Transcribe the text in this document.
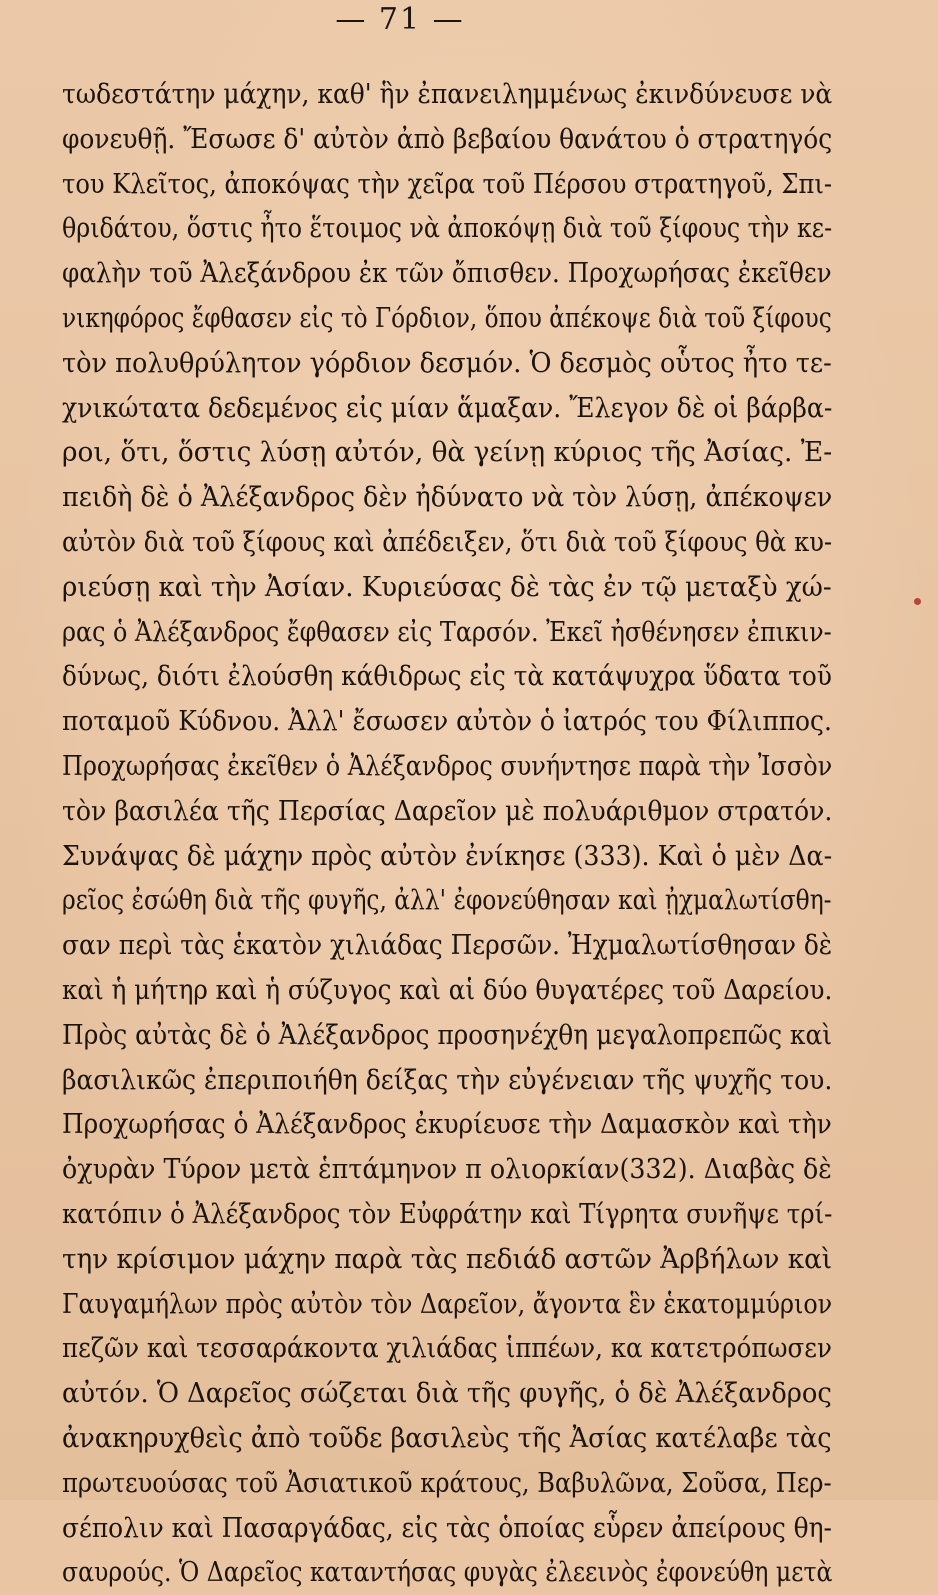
— 71 —
τωδεστάτην μάχην, καθ' ἣν ἐπανειλημμένως ἐκινδύνευσε νὰ
φονευθῇ. Ἔσωσε δ' αὐτὸν ἀπὸ βεβαίου θανάτου ὁ στρατηγός
του Κλεῖτος, ἀποκόψας τὴν χεῖρα τοῦ Πέρσου στρατηγοῦ, Σπι-
θριδάτου, ὅστις ἦτο ἕτοιμος νὰ ἀποκόψῃ διὰ τοῦ ξίφους τὴν κε-
φαλὴν τοῦ Ἀλεξάνδρου ἐκ τῶν ὄπισθεν. Προχωρήσας ἐκεῖθεν
νικηφόρος ἔφθασεν εἰς τὸ Γόρδιον, ὅπου ἀπέκοψε διὰ τοῦ ξίφους
τὸν πολυθρύλητον γόρδιον δεσμόν. Ὁ δεσμὸς οὗτος ἦτο τε-
χνικώτατα δεδεμένος εἰς μίαν ἅμαξαν. Ἔλεγον δὲ οἱ βάρβα-
ροι, ὅτι, ὅστις λύσῃ αὐτόν, θὰ γείνῃ κύριος τῆς Ἀσίας. Ἐ-
πειδὴ δὲ ὁ Ἀλέξανδρος δὲν ἠδύνατο νὰ τὸν λύσῃ, ἀπέκοψεν
αὐτὸν διὰ τοῦ ξίφους καὶ ἀπέδειξεν, ὅτι διὰ τοῦ ξίφους θὰ κυ-
ριεύσῃ καὶ τὴν Ἀσίαν. Κυριεύσας δὲ τὰς ἐν τῷ μεταξὺ χώ-
ρας ὁ Ἀλέξανδρος ἔφθασεν εἰς Ταρσόν. Ἐκεῖ ἠσθένησεν ἐπικιν-
δύνως, διότι ἐλούσθη κάθιδρως εἰς τὰ κατάψυχρα ὕδατα τοῦ
ποταμοῦ Κύδνου. Ἀλλ' ἔσωσεν αὐτὸν ὁ ἰατρός του Φίλιππος.
Προχωρήσας ἐκεῖθεν ὁ Ἀλέξανδρος συνήντησε παρὰ τὴν Ἰσσὸν
τὸν βασιλέα τῆς Περσίας Δαρεῖον μὲ πολυάριθμον στρατόν.
Συνάψας δὲ μάχην πρὸς αὐτὸν ἐνίκησε (333). Καὶ ὁ μὲν Δα-
ρεῖος ἐσώθη διὰ τῆς φυγῆς, ἀλλ' ἐφονεύθησαν καὶ ᾐχμαλωτίσθη-
σαν περὶ τὰς ἑκατὸν χιλιάδας Περσῶν. Ἠχμαλωτίσθησαν δὲ
καὶ ἡ μήτηρ καὶ ἡ σύζυγος καὶ αἱ δύο θυγατέρες τοῦ Δαρείου.
Πρὸς αὐτὰς δὲ ὁ Ἀλέξανδρος προσηνέχθη μεγαλοπρεπῶς καὶ
βασιλικῶς ἐπεριποιήθη δείξας τὴν εὐγένειαν τῆς ψυχῆς του.
Προχωρήσας ὁ Ἀλέξανδρος ἐκυρίευσε τὴν Δαμασκὸν καὶ τὴν
ὀχυρὰν Τύρον μετὰ ἑπτάμηνον π ολιορκίαν(332). Διαβὰς δὲ
κατόπιν ὁ Ἀλέξανδρος τὸν Εὐφράτην καὶ Τίγρητα συνῆψε τρί-
την κρίσιμον μάχην παρὰ τὰς πεδιάδ αστῶν Ἀρβήλων καὶ
Γαυγαμήλων πρὸς αὐτὸν τὸν Δαρεῖον, ἄγοντα ἓν ἑκατομμύριον
πεζῶν καὶ τεσσαράκοντα χιλιάδας ἱππέων, κα κατετρόπωσεν
αὐτόν. Ὁ Δαρεῖος σώζεται διὰ τῆς φυγῆς, ὁ δὲ Ἀλέξανδρος
ἀνακηρυχθεὶς ἀπὸ τοῦδε βασιλεὺς τῆς Ἀσίας κατέλαβε τὰς
πρωτευούσας τοῦ Ἀσιατικοῦ κράτους, Βαβυλῶνα, Σοῦσα, Περ-
σέπολιν καὶ Πασαργάδας, εἰς τὰς ὁποίας εὗρεν ἀπείρους θη-
σαυρούς. Ὁ Δαρεῖος καταντήσας φυγὰς ἐλεεινὸς ἐφονεύθη μετὰ
